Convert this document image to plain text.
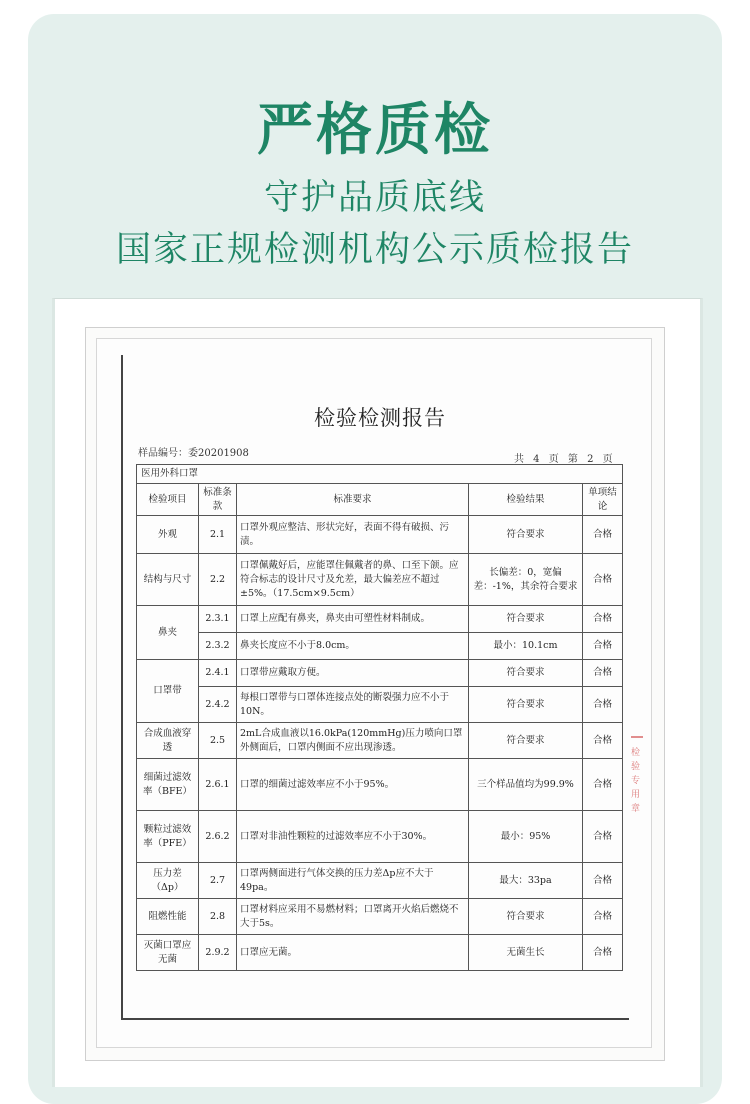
严格质检
守护品质底线
国家正规检测机构公示质检报告
检验检测报告
样品编号：委20201908
共 4 页 第 2 页
医用外科口罩				
检验项目	标准条款	标准要求	检验结果	单项结论
外观	2.1	口罩外观应整洁、形状完好，表面不得有破损、污渍。	符合要求	合格
结构与尺寸	2.2	口罩佩戴好后，应能罩住佩戴者的鼻、口至下颌。应符合标志的设计尺寸及允差，最大偏差应不超过±5%。（17.5cm×9.5cm）	长偏差：0，宽偏差：-1%，其余符合要求	合格
鼻夹	2.3.1	口罩上应配有鼻夹，鼻夹由可塑性材料制成。	符合要求	合格
	2.3.2	鼻夹长度应不小于8.0cm。	最小：10.1cm	合格
口罩带	2.4.1	口罩带应戴取方便。	符合要求	合格
	2.4.2	每根口罩带与口罩体连接点处的断裂强力应不小于10N。	符合要求	合格
合成血液穿透	2.5	2mL合成血液以16.0kPa(120mmHg)压力喷向口罩外侧面后，口罩内侧面不应出现渗透。	符合要求	合格
细菌过滤效率（BFE）	2.6.1	口罩的细菌过滤效率应不小于95%。	三个样品值均为99.9%	合格
颗粒过滤效率（PFE）	2.6.2	口罩对非油性颗粒的过滤效率应不小于30%。	最小：95%	合格
压力差（Δp）	2.7	口罩两侧面进行气体交换的压力差Δp应不大于49pa。	最大：33pa	合格
阻燃性能	2.8	口罩材料应采用不易燃材料；口罩离开火焰后燃烧不大于5s。	符合要求	合格
灭菌口罩应无菌	2.9.2	口罩应无菌。	无菌生长	合格
检验专用章
